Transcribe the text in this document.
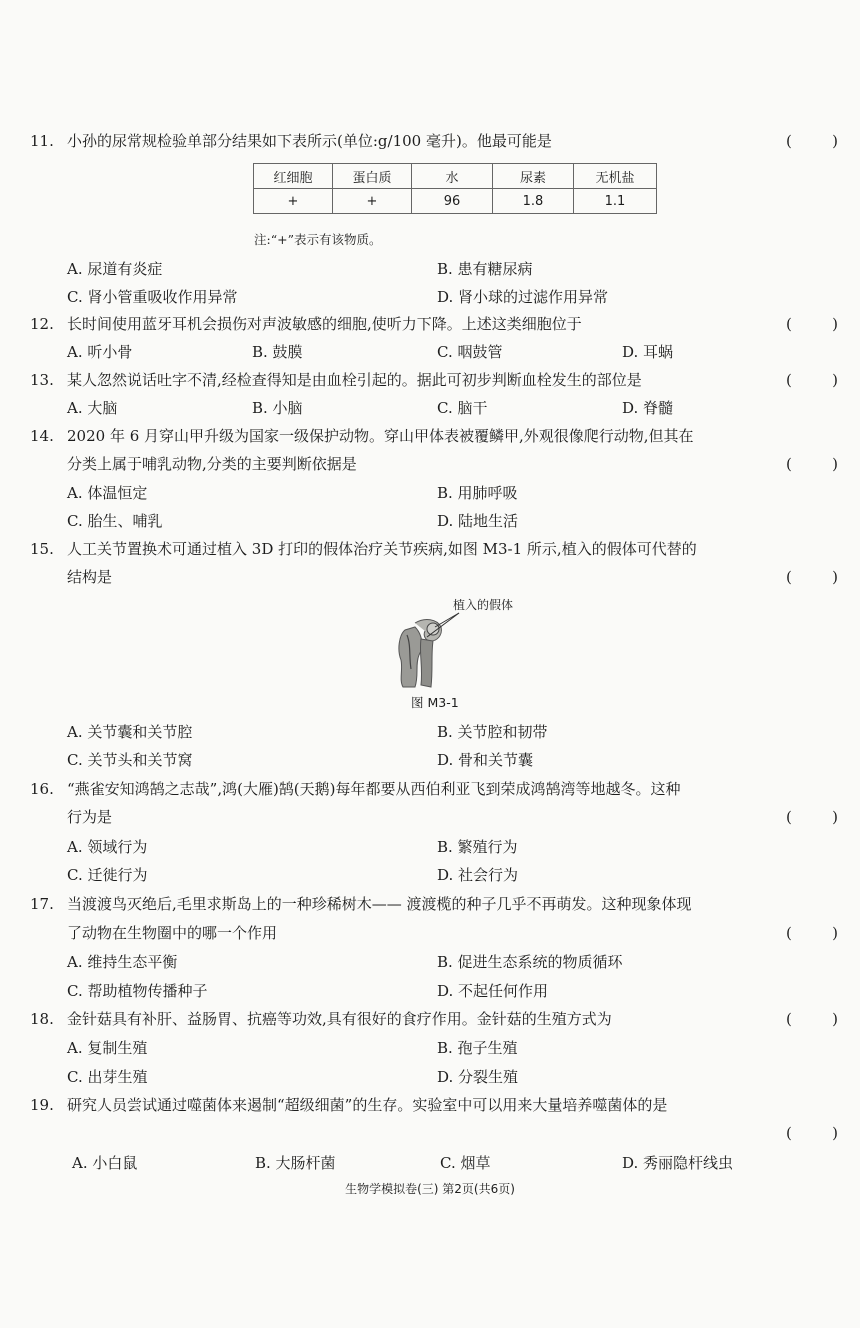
11. 小孙的尿常规检验单部分结果如下表所示(单位:g/100 毫升)。他最可能是	(	)
红细胞	蛋白质	水	尿素	无机盐
+	+	96	1.8	1.1
注:“+”表示有该物质。
A. 尿道有炎症	B. 患有糖尿病
C. 肾小管重吸收作用异常	D. 肾小球的过滤作用异常
12. 长时间使用蓝牙耳机会损伤对声波敏感的细胞,使听力下降。上述这类细胞位于	(	)
A. 听小骨	B. 鼓膜	C. 咽鼓管	D. 耳蜗
13. 某人忽然说话吐字不清,经检查得知是由血栓引起的。据此可初步判断血栓发生的部位是	(	)
A. 大脑	B. 小脑	C. 脑干	D. 脊髓
14. 2020 年 6 月穿山甲升级为国家一级保护动物。穿山甲体表被覆鳞甲,外观很像爬行动物,但其在
分类上属于哺乳动物,分类的主要判断依据是	(	)
A. 体温恒定	B. 用肺呼吸
C. 胎生、哺乳	D. 陆地生活
15. 人工关节置换术可通过植入 3D 打印的假体治疗关节疾病,如图 M3-1 所示,植入的假体可代替的
结构是	(	)
植入的假体
图 M3-1
A. 关节囊和关节腔	B. 关节腔和韧带
C. 关节头和关节窝	D. 骨和关节囊
16. “燕雀安知鸿鹄之志哉”,鸿(大雁)鹄(天鹅)每年都要从西伯利亚飞到荣成鸿鹄湾等地越冬。这种
行为是	(	)
A. 领域行为	B. 繁殖行为
C. 迁徙行为	D. 社会行为
17. 当渡渡鸟灭绝后,毛里求斯岛上的一种珍稀树木—— 渡渡榄的种子几乎不再萌发。这种现象体现
了动物在生物圈中的哪一个作用	(	)
A. 维持生态平衡	B. 促进生态系统的物质循环
C. 帮助植物传播种子	D. 不起任何作用
18. 金针菇具有补肝、益肠胃、抗癌等功效,具有很好的食疗作用。金针菇的生殖方式为	(	)
A. 复制生殖	B. 孢子生殖
C. 出芽生殖	D. 分裂生殖
19. 研究人员尝试通过噬菌体来遏制“超级细菌”的生存。实验室中可以用来大量培养噬菌体的是
(	)
A. 小白鼠	B. 大肠杆菌	C. 烟草	D. 秀丽隐杆线虫
生物学模拟卷(三) 第2页(共6页)
